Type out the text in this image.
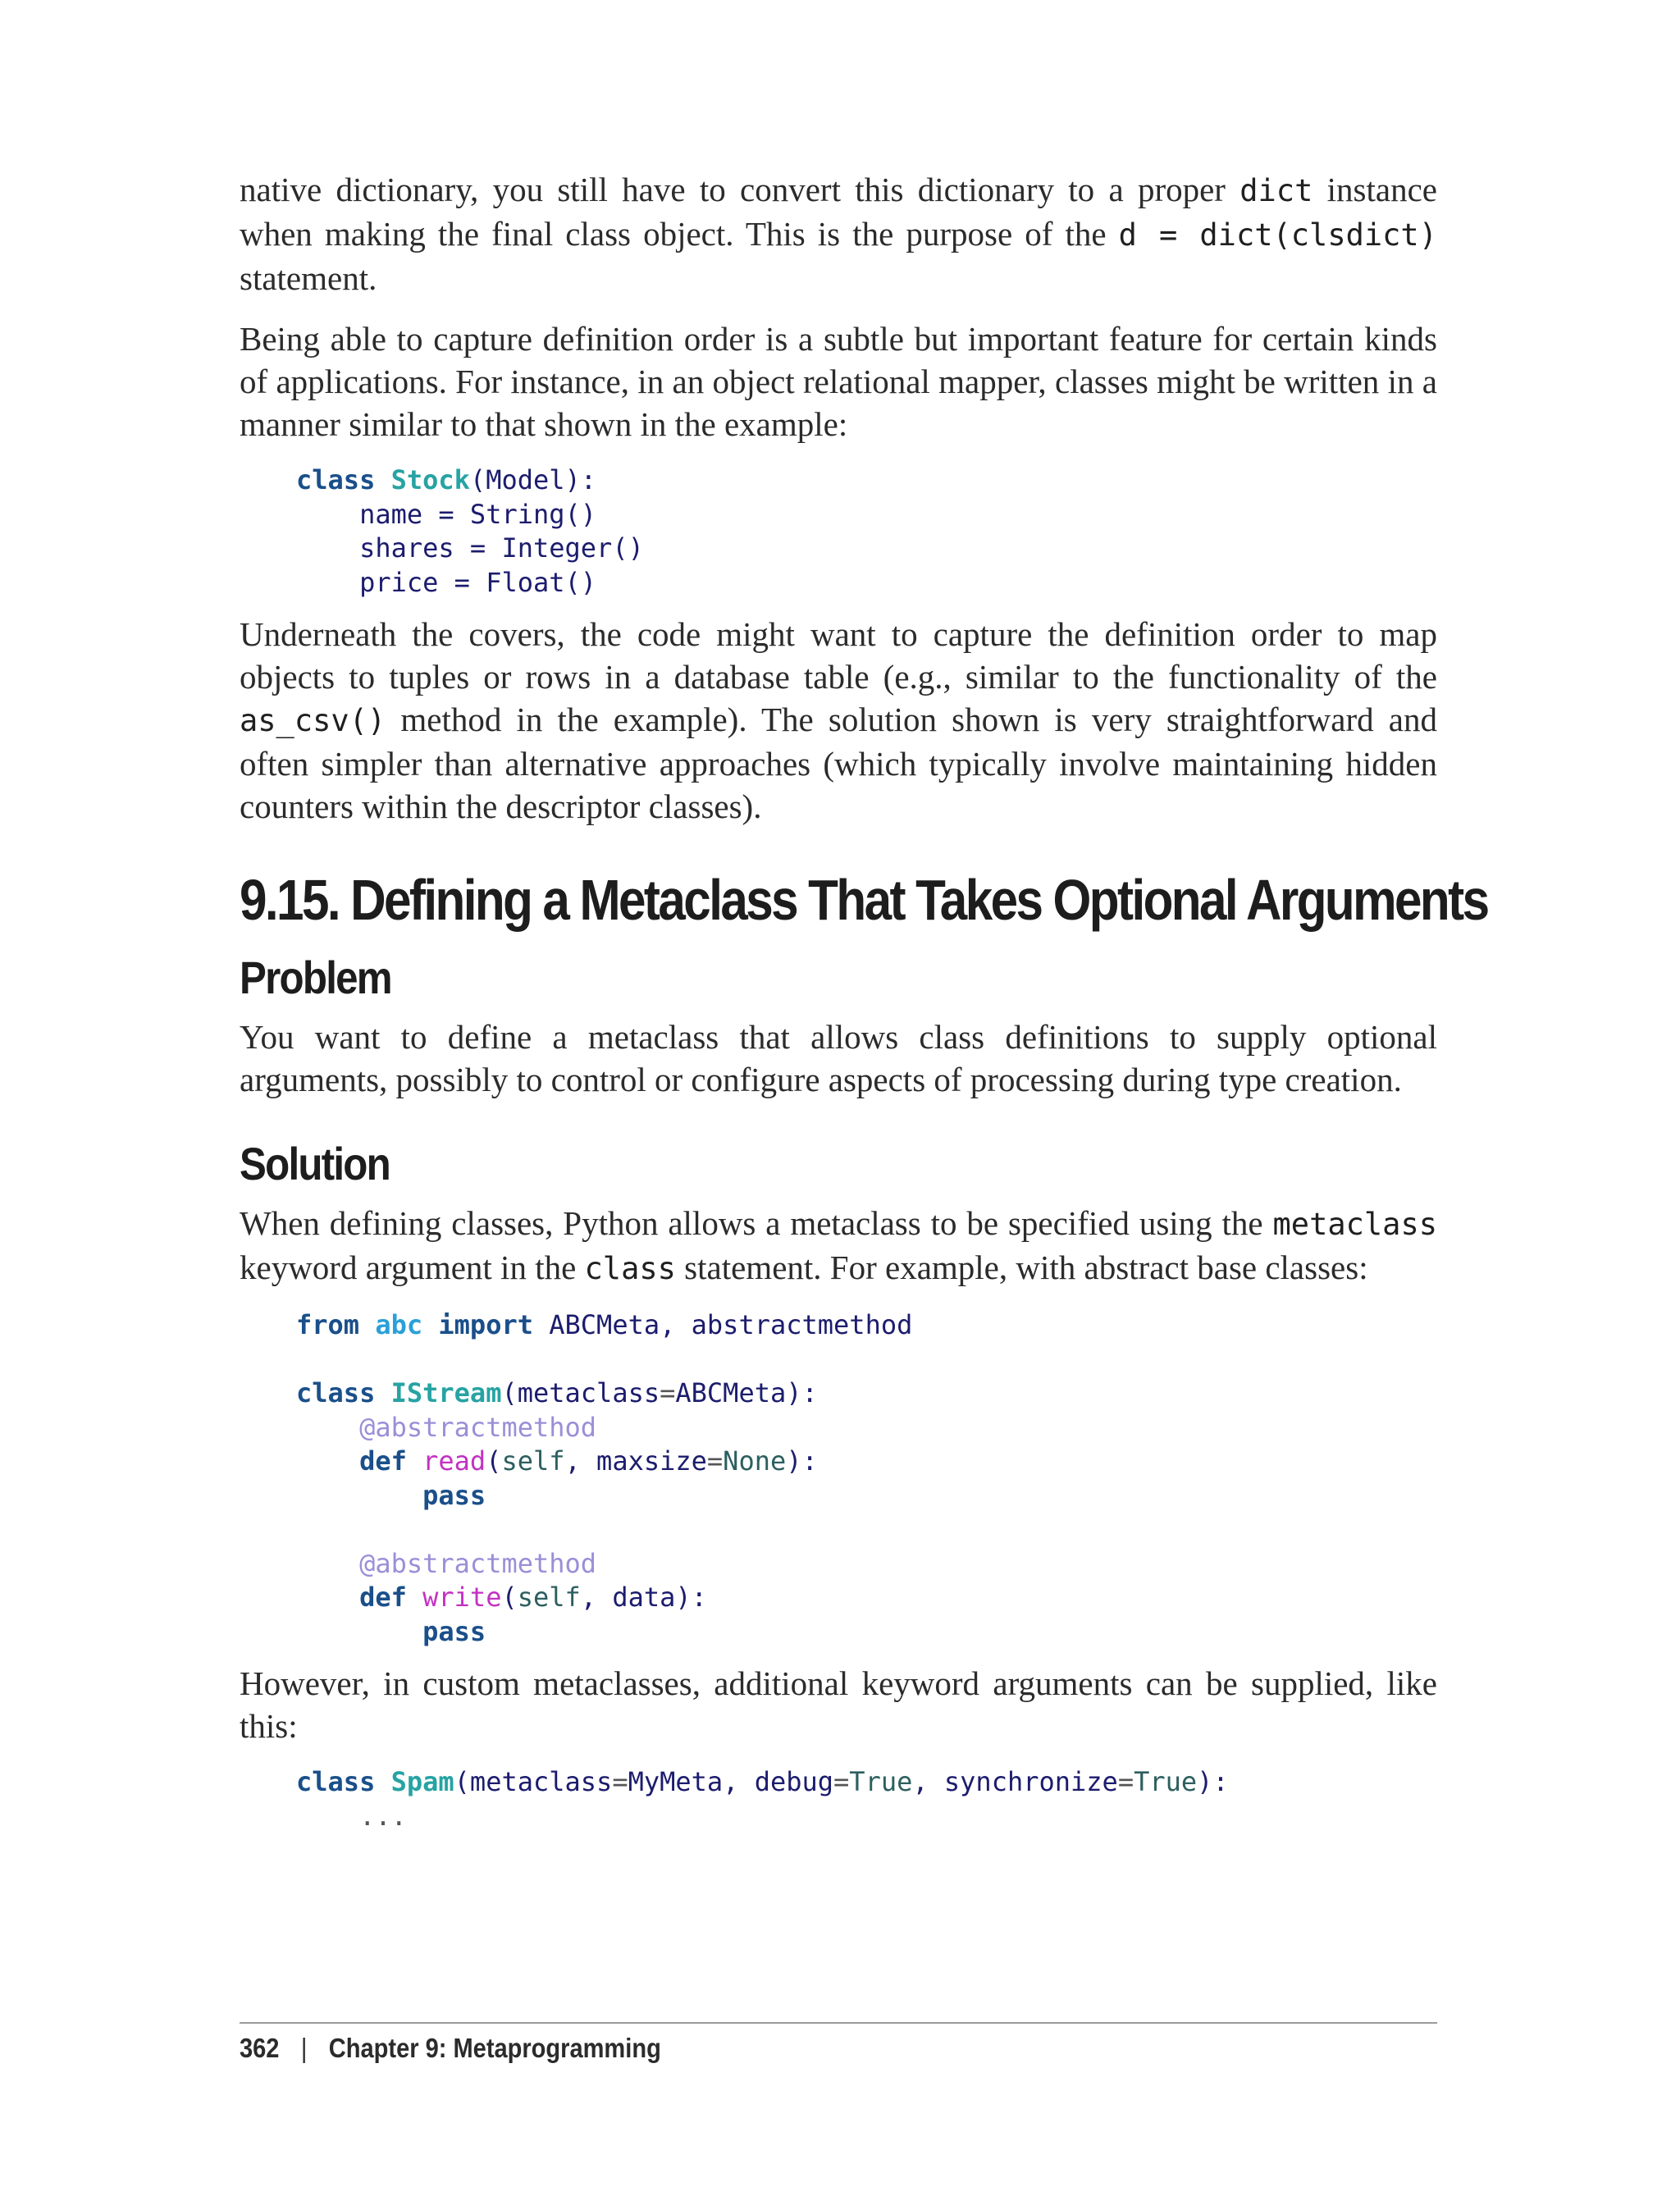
native dictionary, you still have to convert this dictionary to a proper dict instance when making the final class object. This is the purpose of the d = dict(clsdict) statement.

Being able to capture definition order is a subtle but important feature for certain kinds of applications. For instance, in an object relational mapper, classes might be written in a manner similar to that shown in the example:

class Stock(Model):
name = String()
shares = Integer()
price = Float()

Underneath the covers, the code might want to capture the definition order to map objects to tuples or rows in a database table (e.g., similar to the functionality of the as_csv() method in the example). The solution shown is very straightforward and often simpler than alternative approaches (which typically involve maintaining hidden counters within the descriptor classes).

9.15. Defining a Metaclass That Takes Optional Arguments
Problem

You want to define a metaclass that allows class definitions to supply optional arguments, possibly to control or configure aspects of processing during type creation.

Solution

When defining classes, Python allows a metaclass to be specified using the metaclass keyword argument in the class statement. For example, with abstract base classes:

from abc import ABCMeta, abstractmethod

class IStream(metaclass=ABCMeta):
@abstractmethod
def read(self, maxsize=None):
pass

@abstractmethod
def write(self, data):
pass

However, in custom metaclasses, additional keyword arguments can be supplied, like this:

class Spam(metaclass=MyMeta, debug=True, synchronize=True):
...
362 | Chapter 9: Metaprogramming
